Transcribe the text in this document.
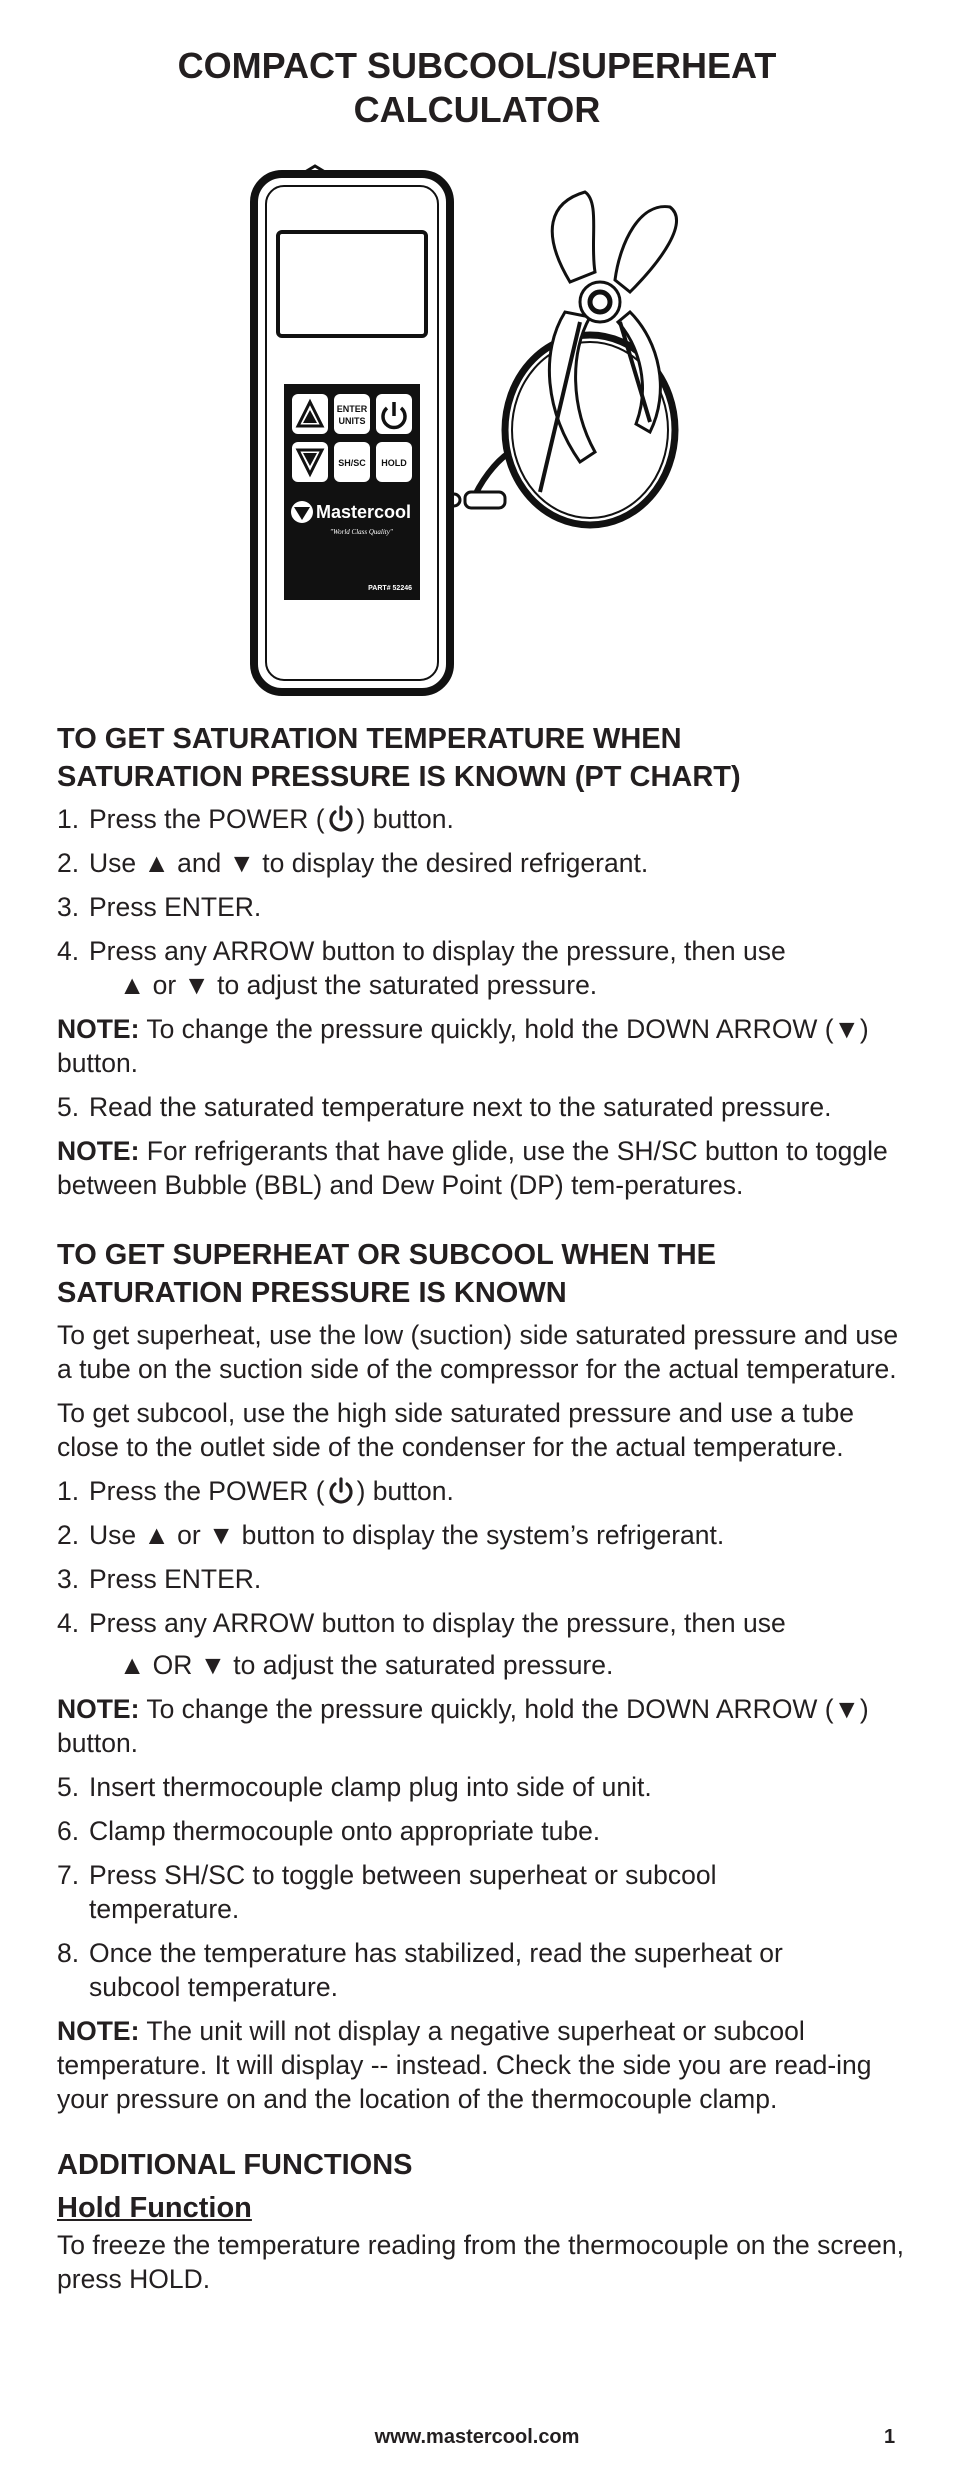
COMPACT SUBCOOL/SUPERHEAT
CALCULATOR
ENTER
UNITS
SH/SC HOLD
Mastercool
"World Class Quality"
PART# 52246
TO GET SATURATION TEMPERATURE WHEN
SATURATION PRESSURE IS KNOWN (PT CHART)
1. Press the POWER ( ) button.
2. Use ▲ and ▼ to display the desired refrigerant.
3. Press ENTER.
4. Press any ARROW button to display the pressure, then use
▲ or ▼ to adjust the saturated pressure.

NOTE: To change the pressure quickly, hold the DOWN ARROW (▼) button.

5. Read the saturated temperature next to the saturated pressure.

NOTE: For refrigerants that have glide, use the SH/SC button to toggle between Bubble (BBL) and Dew Point (DP) tem-peratures.

TO GET SUPERHEAT OR SUBCOOL WHEN THE
SATURATION PRESSURE IS KNOWN

To get superheat, use the low (suction) side saturated pressure and use a tube on the suction side of the compressor for the actual temperature.

To get subcool, use the high side saturated pressure and use a tube close to the outlet side of the condenser for the actual temperature.

1. Press the POWER ( ) button.
2. Use ▲ or ▼ button to display the system’s refrigerant.
3. Press ENTER.
4. Press any ARROW button to display the pressure, then use
▲ OR ▼ to adjust the saturated pressure.

NOTE: To change the pressure quickly, hold the DOWN ARROW (▼) button.

5. Insert thermocouple clamp plug into side of unit.
6. Clamp thermocouple onto appropriate tube.
7. Press SH/SC to toggle between superheat or subcool
temperature.
8. Once the temperature has stabilized, read the superheat or
subcool temperature.

NOTE: The unit will not display a negative superheat or subcool temperature. It will display -- instead. Check the side you are read-ing your pressure on and the location of the thermocouple clamp.

ADDITIONAL FUNCTIONS
Hold Function

To freeze the temperature reading from the thermocouple on the screen, press HOLD.

www.mastercool.com	1
